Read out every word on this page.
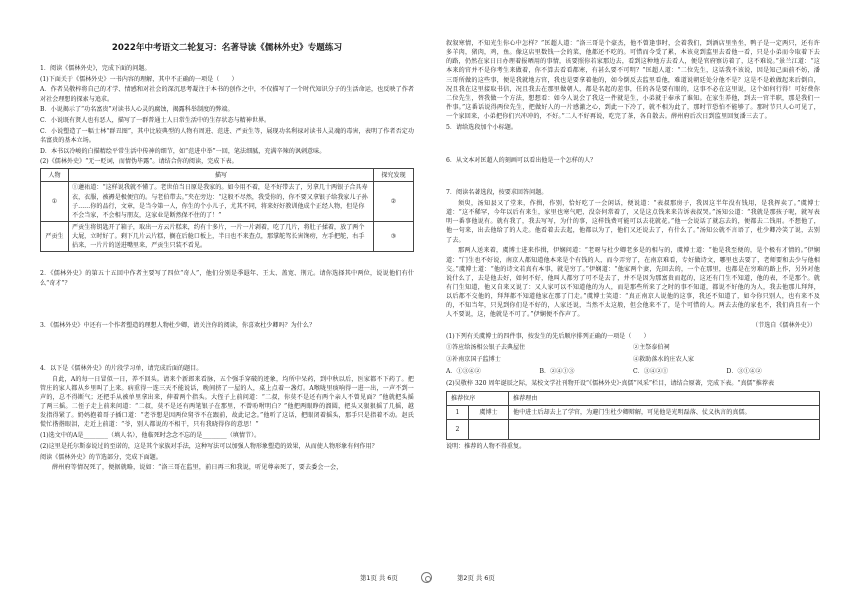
2022年中考语文二轮复习：名著导读《儒林外史》专题练习

1．阅读《儒林外史》，完成下面的问题。

(1)下面关于《儒林外史》一书内容的理解，其中不正确的一项是（　　）

A．作者吴敬梓将自己的才学、情感和对社会的深沉思考凝注于本书的创作之中，不仅描写了一个时代知识分子的生活命运，也反映了作者对社会理想的探索与追求。

B．小说揭示了“功名富贵”对读书人心灵的腐蚀，揭露科举制度的弊端。

C．小说既有贤人也有恶人，描写了一群普通士人日常生活中的生存状态与精神世界。

C．小说塑造了一幅士林“群丑图”，其中比较典型的人物有周进、范进、严贡生等，展现功名利禄对读书人灵魂的毒害，表明了作者否定功名富贵的基本立场。

D．本书以冷峻的白描精绘平常生活中传神的细节，如“范进中举”一回，笔法细腻，充满辛辣的讽刺意味。

(2)《儒林外史》“无一贬词，而情伪毕露”。请结合你的阅读，完成下表。

人物	描写	探究发现
①	①蘧祐道：“这样说我就不懂了。老世伯当日原是我家的。如今用不着，是不好带去了，另拿几十两银子合具寿衣，衣服，被褥是极便宜的。与老伯带去。”夹在旁边：“这般不尽然，我受你的，你不要又拿银子给我家儿子孙子……你的品行，文章，是当今第一人，你生的个小儿子，尤其不同，将来好好教训他成个正经人物，但是你不会当家，不会相与朋友，这家业是断然保不住的了！”	②
严贡生	严贡生将钥匙开了箱子，取出一方云片糕来，约有十多片，一片一片剥着，吃了几片，将肚子揉着，放了两个大屁，立时好了。剩下几片云片糕，搁在后舱口板上，半日也不来查点，那掌舵驾长害馋痨，左手把舵，右手拈来，一片片的送进嘴里来，严贡生只装不看见。	③

2．《儒林外史》的第五十五回中作者主要写了四位“奇人”，他们分别是季遐年、王太、盖宽、荆元。请你选择其中两位，说说他们有什么“奇才”？

3．《儒林外史》中还有一个作者塑造的理想人物杜少卿，请关注你的阅读，你喜欢杜少卿吗？为什么？

4．以下是《儒林外史》的片段学习单，请完成后面的题目。

自此，A的每一日冒似一日，养不回头。请来个新郎来看脉，五个强手穿破的迹象，均所中呆药，到中秋以后，医家都不下药了。把管庄的家人都从乡里叫了上来。病重得一连三天不能说话，晚间挤了一屋的人，桌上点着一盏灯。A喉咙里痰响得一进一出，一声不到一声的，总不得断气；还把手从被单里拿出来，伸着两个指头。大侄子上前问道：“二叔，你莫不是还有两个亲人不曾见面？”他就把头摇了两三摇。二侄子走上前来问道：“二叔，莫不是还有两笔银子在那里，不曾吩咐明白？”他把两眼睁的溜圆，把头又狠狠摇了几摇，越发指得紧了。奶妈抱着哥子插口道：“老爷想是因两位舅爷不在跟前，故此记念。”他听了这话，把眼闭着摇头，那手只是指着不动。赵氏慌忙揩揩眼泪，走近上前道：“爷，别人都说的不相干，只有我晓得你的意思！”

(1)选文中的A是________（填人名），他临死时念念不忘的是________（填情节）。

(2)这里是托尔斯泰说过的至诺的，这是其个家族对手法，这种写法可以加强人物形象塑造的效果，从而使人物形象有何作用？

阅读《儒林外史》的节选部分，完成下面题。

薛州府等情况死了，便据就略，说如：“洛三哥在监里，前日再三和我说，听见尊亲死了，要去委会一会，

叙叙寒情，不知光生你心中怎样？”匡超人道：“洛三哥是个豪杰，他不曾逢事时，会着我们，到酒店里坐坐，鸭子是一定两只，还有许多羊肉，猪肉，鸡，鱼。像这店里数钱一会的菜，他都还不吃的。可惜而今受了累，本该竟到监里去看他一看，只是小弟而今取着下去的路，仍然在家日日办理着报晒用的事情，该要照你若家那边去，看到这种地方去看人，便是官府察访着了，这不难说。”景兰江道：“这本来的官并不是你考生来做着，你不算去看看都寒，有甚么要不可明？”匡超人道：“二位先生，这话我不该说，因是知己面前不妨，潘三哥所做的这些事，便是我就地方官，我也是要拿着他的，如今倒反去监里看他，难道说朝廷处分他不是？这是不是敢做起来后倒自，况且我在这里接取书信，况且我去在那里做朝人，都是名起的差事，任的各是要有眼的，这事不必在这里说，这个如何行得！可好费你二位先生，替我做一个方法，想想看：如今人说会了我这一件就是生，小弟就于奉承了谁知。在家生养他，到去一官半职，那是我们一件事。”这番话说得两位先生，把做好人的一片感激之心，到此一下冷了，就不相为此了，那时节恐怕不能够了。那时节只人心可见了，一个家回来，小弟把你们兴冲冲的，不好。”二人不好再说，吃完了茶，各自散去。薛州府后次日到监里回复潘三去了。

5．请给选段加个小标题。

6．从文本对匡超人的刻画可以看出他是一个怎样的人？

7．阅读名著选段，按要求回答问题。

须臾，汤知县又了堂来，作揖，作别，恰好吃了一会闲话，便说道：“表叔那房子，我因这半年没有钱用，是我挥卖了。”虞博士道：“这不稀罕，今年以后有来生，家里也寒气吧，没奈何常着了，又是这点钱来来告诉表叔哭。”汤知公道：“我就是那孩子呢，就写表明一番事他说有。就有我了，我去写写，为什的事，这样钱费可能可以去花就花。”他一会说话了就忘去的，便都去二钱用。不想他了，他一句来，出去他给了的人走。他看着去去起，他都以为了，他们又还说去了，有什么了。”汤知公就不言语了，杜少卿冷笑了说，去别了去。

那两人送来着，虞博士进来作揖，伊娴问道：“老呀与杜少卿老多是的相与的，虞博士道：“他是我至便的，是个极有才情的。”伊娴道：“门生也不好说，南京人都知道他本来是个有钱的人，而今弄穷了，在南京难看，专好做诗文，哪里也去要了，老师要和去少与他相交。”虞博士道：“他的诗文若真有本事，就是穷了。”伊娴道：“他家两个妻，先回去的，一个在那里，也都是在穷难的路上作，另外对他说什么了，去是他去好，如何不好，他叫人都穷了可不是去了，并不是因为那富贵而起的，这还有门生不知道，他的表，不是那个。就有门生知道，他又自来又说了：又人家可以不知道他的为人，而是那些所来了之时的事不知道，都说不好他的为人，我去他那儿拜拜，以后都不交他的，拜拜都不知道他家在那了门走。”虞博士笑道：“真正南京人说他的这事，我还不知道了，如今你只别人，也有来不及的，不知当年，只见到你们是不好的，人家还说，当然不太这般，但会他来不了，是个可惜的人。两去去他的家也不，我们尚且有一个人不要说，这，他就是不可了。”伊娴便不作声了。

（节选自《儒林外史》）

(1)下列有关虞博士的四件事，按发生的先后顺序排列正确的一项是（　　）

①答应给汤相公银子去典屋住	②主祭泰伯祠
③补南京国子监博士	④救助落水的庄农人家
A．①③④②	B．②④①③	C．③④②①	D．③①④②

(2)吴敬梓 320 周年诞辰之际，某校文学社刊物开设“《儒林外史》·真儒”风采”栏目，请结合原著，完成下表。“真儒”推荐表

推荐位序		推荐理由
1	虞博士	他中进士后却去上了学官，为避门生杜少卿辩解，可见他是光明磊落、仗义执言的真儒。
2		

说明：推荐的人物不得重复。

第1页 共 6页	第2页 共 6页
